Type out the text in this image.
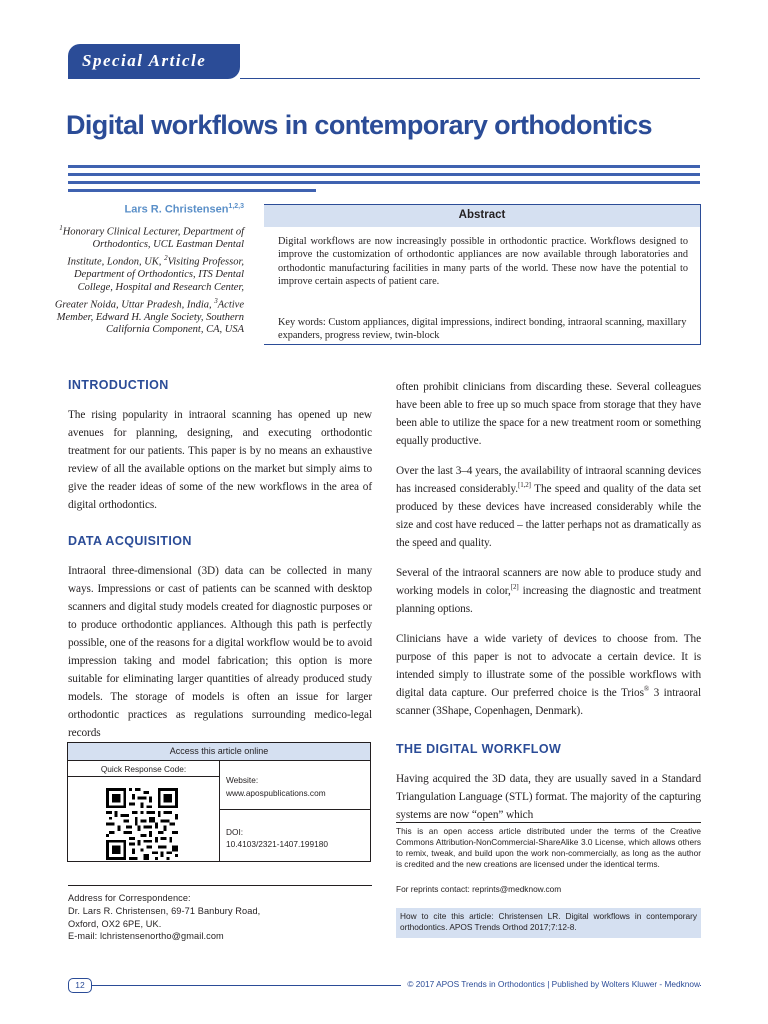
Special Article
Digital workflows in contemporary orthodontics
Lars R. Christensen$^{1,2,3}$
$^1$Honorary Clinical Lecturer, Department of Orthodontics, UCL Eastman Dental Institute, London, UK, $^2$Visiting Professor, Department of Orthodontics, ITS Dental College, Hospital and Research Center, Greater Noida, Uttar Pradesh, India, $^3$Active Member, Edward H. Angle Society, Southern California Component, CA, USA
Abstract

Digital workflows are now increasingly possible in orthodontic practice. Workflows designed to improve the customization of orthodontic appliances are now available through laboratories and orthodontic manufacturing facilities in many parts of the world. These now have the potential to improve certain aspects of patient care.

Key words: Custom appliances, digital impressions, indirect bonding, intraoral scanning, maxillary expanders, progress review, twin-block

INTRODUCTION

The rising popularity in intraoral scanning has opened up new avenues for planning, designing, and executing orthodontic treatment for our patients. This paper is by no means an exhaustive review of all the available options on the market but simply aims to give the reader ideas of some of the new workflows in the area of digital orthodontics.

DATA ACQUISITION

Intraoral three-dimensional (3D) data can be collected in many ways. Impressions or cast of patients can be scanned with desktop scanners and digital study models created for diagnostic purposes or to produce orthodontic appliances. Although this path is perfectly possible, one of the reasons for a digital workflow would be to avoid impression taking and model fabrication; this option is more suitable for eliminating larger quantities of already produced study models. The storage of models is often an issue for larger orthodontic practices as regulations surrounding medico-legal records

often prohibit clinicians from discarding these. Several colleagues have been able to free up so much space from storage that they have been able to utilize the space for a new treatment room or something equally productive.

Over the last 3–4 years, the availability of intraoral scanning devices has increased considerably.[1,2] The speed and quality of the data set produced by these devices have increased considerably while the size and cost have reduced – the latter perhaps not as dramatically as the speed and quality.

Several of the intraoral scanners are now able to produce study and working models in color,[2] increasing the diagnostic and treatment planning options.

Clinicians have a wide variety of devices to choose from. The purpose of this paper is not to advocate a certain device. It is intended simply to illustrate some of the possible workflows with digital data capture. Our preferred choice is the Trios® 3 intraoral scanner (3Shape, Copenhagen, Denmark).

THE DIGITAL WORKFLOW

Having acquired the 3D data, they are usually saved in a Standard Triangulation Language (STL) format. The majority of the capturing systems are now “open” which

Access this article online
Quick Response Code:
Website:
www.apospublications.com
DOI:
10.4103/2321-1407.199180

This is an open access article distributed under the terms of the Creative Commons Attribution-NonCommercial-ShareAlike 3.0 License, which allows others to remix, tweak, and build upon the work non-commercially, as long as the author is credited and the new creations are licensed under the identical terms.

For reprints contact: reprints@medknow.com

How to cite this article: Christensen LR. Digital workflows in contemporary orthodontics. APOS Trends Orthod 2017;7:12-8.
Address for Correspondence:
Dr. Lars R. Christensen, 69-71 Banbury Road,
Oxford, OX2 6PE, UK.
E-mail: lchristensenortho@gmail.com
12	© 2017 APOS Trends in Orthodontics | Published by Wolters Kluwer - Medknow
